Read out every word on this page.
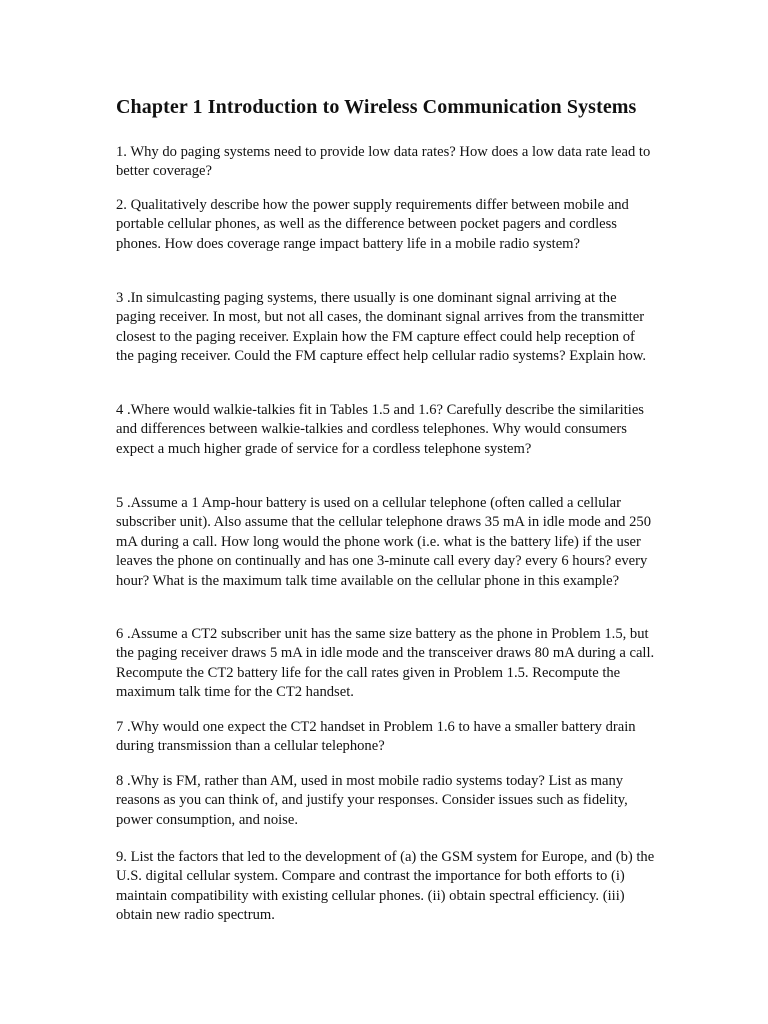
Chapter 1 Introduction to Wireless Communication Systems

1. Why do paging systems need to provide low data rates? How does a low data rate lead to better coverage?

2. Qualitatively describe how the power supply requirements differ between mobile and portable cellular phones, as well as the difference between pocket pagers and cordless phones. How does coverage range impact battery life in a mobile radio system?

3 .In simulcasting paging systems, there usually is one dominant signal arriving at the paging receiver. In most, but not all cases, the dominant signal arrives from the transmitter closest to the paging receiver. Explain how the FM capture effect could help reception of the paging receiver. Could the FM capture effect help cellular radio systems? Explain how.

4 .Where would walkie-talkies fit in Tables 1.5 and 1.6? Carefully describe the similarities and differences between walkie-talkies and cordless telephones. Why would consumers expect a much higher grade of service for a cordless telephone system?

5 .Assume a 1 Amp-hour battery is used on a cellular telephone (often called a cellular subscriber unit). Also assume that the cellular telephone draws 35 mA in idle mode and 250 mA during a call. How long would the phone work (i.e. what is the battery life) if the user leaves the phone on continually and has one 3-minute call every day? every 6 hours? every hour? What is the maximum talk time available on the cellular phone in this example?

6 .Assume a CT2 subscriber unit has the same size battery as the phone in Problem 1.5, but the paging receiver draws 5 mA in idle mode and the transceiver draws 80 mA during a call. Recompute the CT2 battery life for the call rates given in Problem 1.5. Recompute the maximum talk time for the CT2 handset.

7 .Why would one expect the CT2 handset in Problem 1.6 to have a smaller battery drain during transmission than a cellular telephone?

8 .Why is FM, rather than AM, used in most mobile radio systems today? List as many reasons as you can think of, and justify your responses. Consider issues such as fidelity, power consumption, and noise.

9. List the factors that led to the development of (a) the GSM system for Europe, and (b) the U.S. digital cellular system. Compare and contrast the importance for both efforts to (i) maintain compatibility with existing cellular phones. (ii) obtain spectral efficiency. (iii) obtain new radio spectrum.
